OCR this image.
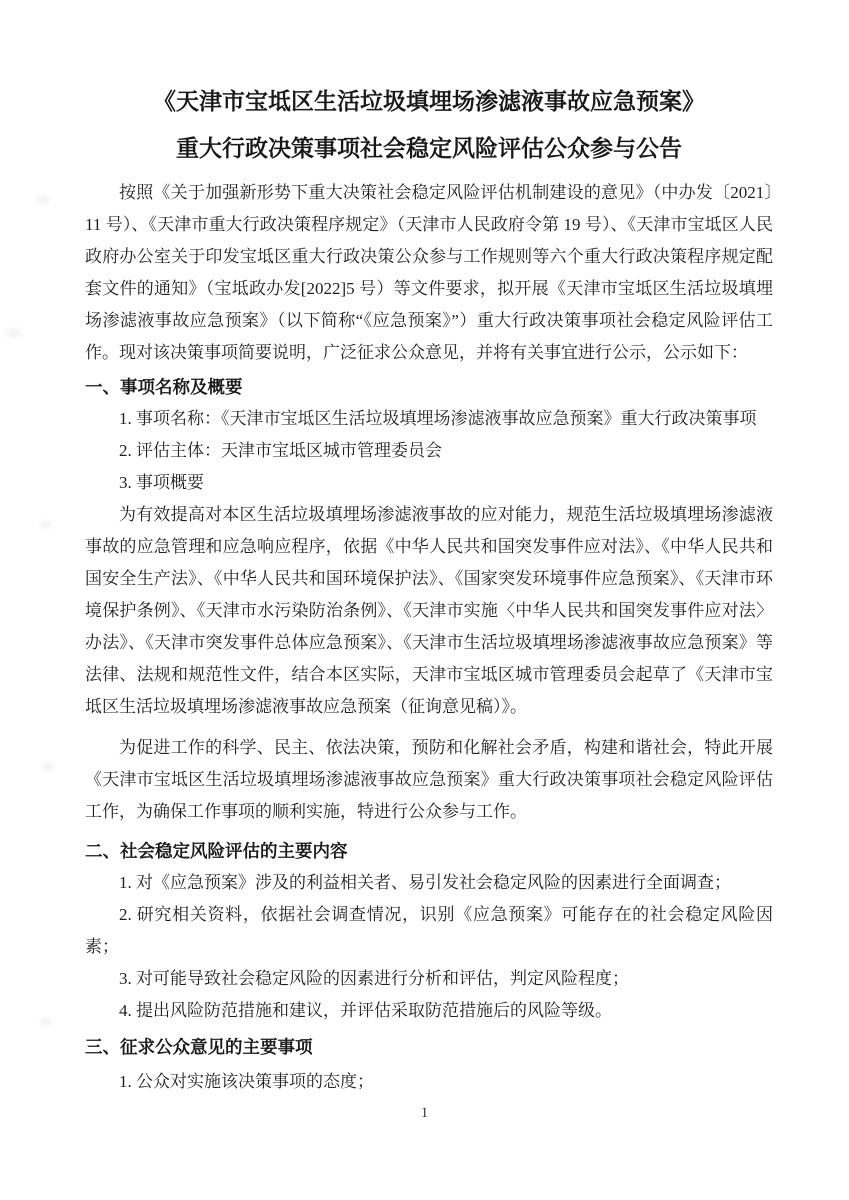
《天津市宝坻区生活垃圾填埋场渗滤液事故应急预案》
重大行政决策事项社会稳定风险评估公众参与公告

按照《关于加强新形势下重大决策社会稳定风险评估机制建设的意见》（中办发〔2021〕11 号）、《天津市重大行政决策程序规定》（天津市人民政府令第 19 号）、《天津市宝坻区人民政府办公室关于印发宝坻区重大行政决策公众参与工作规则等六个重大行政决策程序规定配套文件的通知》（宝坻政办发[2022]5 号）等文件要求，拟开展《天津市宝坻区生活垃圾填埋场渗滤液事故应急预案》（以下简称“《应急预案》”）重大行政决策事项社会稳定风险评估工作。现对该决策事项简要说明，广泛征求公众意见，并将有关事宜进行公示，公示如下：

一、事项名称及概要

1. 事项名称：《天津市宝坻区生活垃圾填埋场渗滤液事故应急预案》重大行政决策事项

2. 评估主体：天津市宝坻区城市管理委员会

3. 事项概要

为有效提高对本区生活垃圾填埋场渗滤液事故的应对能力，规范生活垃圾填埋场渗滤液事故的应急管理和应急响应程序，依据《中华人民共和国突发事件应对法》、《中华人民共和国安全生产法》、《中华人民共和国环境保护法》、《国家突发环境事件应急预案》、《天津市环境保护条例》、《天津市水污染防治条例》、《天津市实施〈中华人民共和国突发事件应对法〉办法》、《天津市突发事件总体应急预案》、《天津市生活垃圾填埋场渗滤液事故应急预案》等法律、法规和规范性文件，结合本区实际，天津市宝坻区城市管理委员会起草了《天津市宝坻区生活垃圾填埋场渗滤液事故应急预案（征询意见稿）》。

为促进工作的科学、民主、依法决策，预防和化解社会矛盾，构建和谐社会，特此开展《天津市宝坻区生活垃圾填埋场渗滤液事故应急预案》重大行政决策事项社会稳定风险评估工作，为确保工作事项的顺利实施，特进行公众参与工作。

二、社会稳定风险评估的主要内容

1. 对《应急预案》涉及的利益相关者、易引发社会稳定风险的因素进行全面调查；

2. 研究相关资料，依据社会调查情况，识别《应急预案》可能存在的社会稳定风险因素；

3. 对可能导致社会稳定风险的因素进行分析和评估，判定风险程度；

4. 提出风险防范措施和建议，并评估采取防范措施后的风险等级。

三、征求公众意见的主要事项

1. 公众对实施该决策事项的态度；

1
